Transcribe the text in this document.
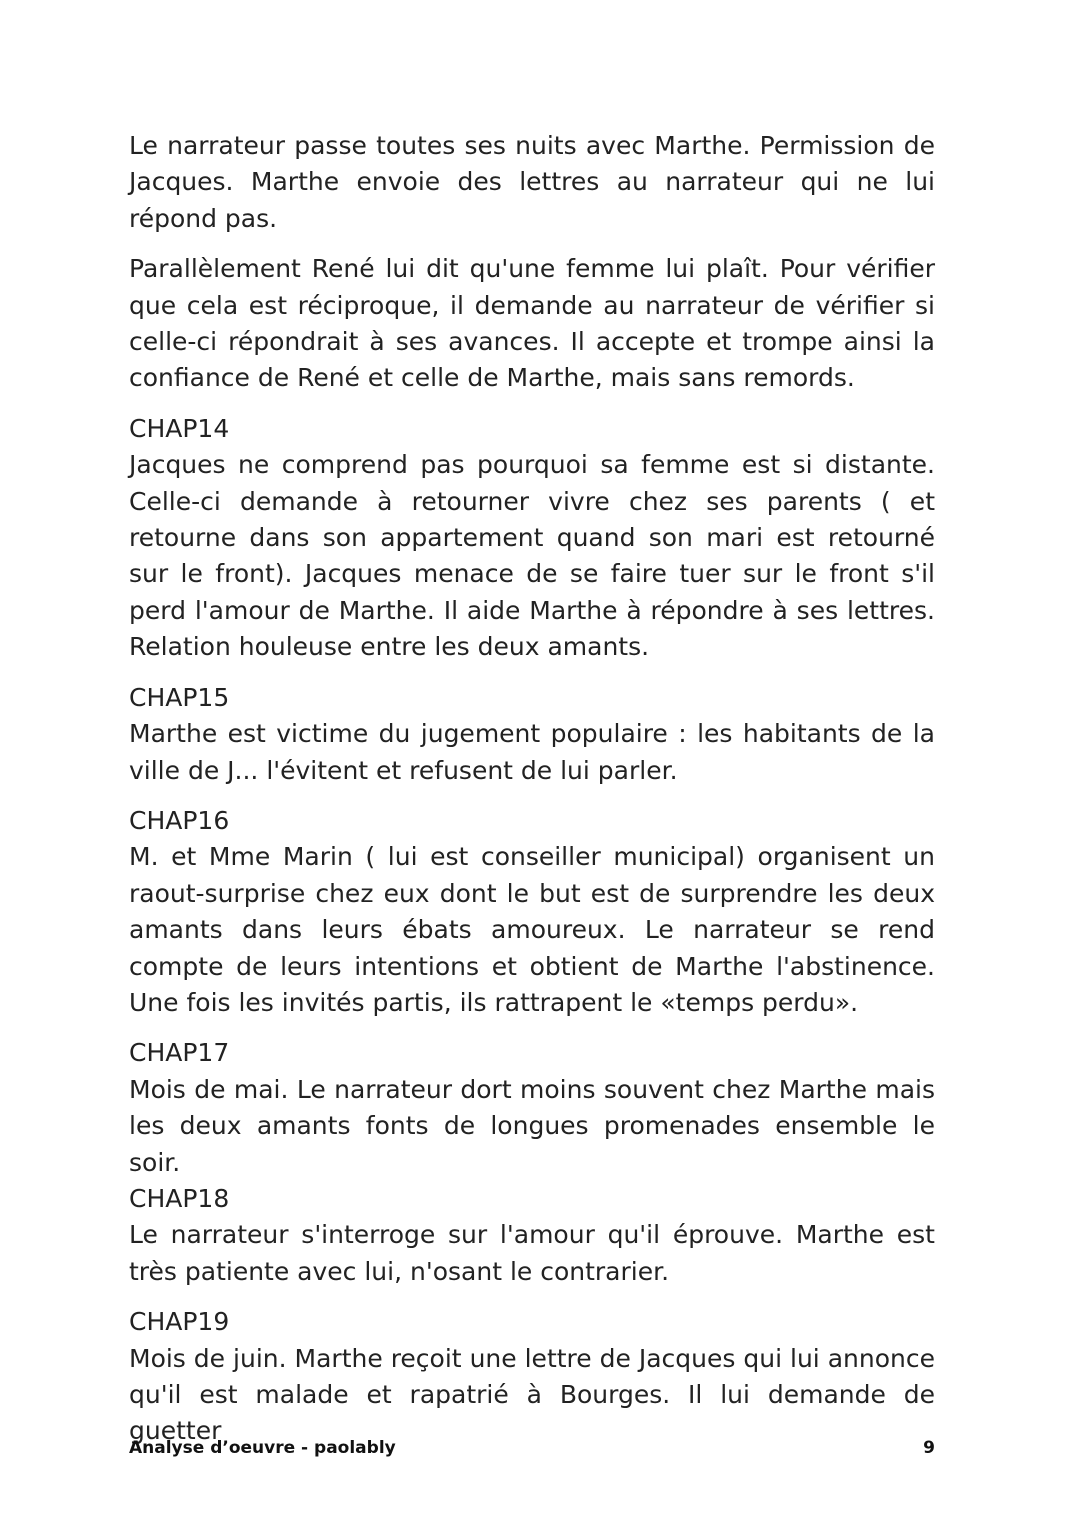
Le narrateur passe toutes ses nuits avec Marthe. Permission de Jacques. Marthe envoie des lettres au narrateur qui ne lui répond pas.

Parallèlement René lui dit qu'une femme lui plaît. Pour vérifier que cela est réciproque, il demande au narrateur de vérifier si celle-ci répondrait à ses avances. Il accepte et trompe ainsi la confiance de René et celle de Marthe, mais sans remords.

CHAP14

Jacques ne comprend pas pourquoi sa femme est si distante. Celle-ci demande à retourner vivre chez ses parents ( et retourne dans son appartement quand son mari est retourné sur le front). Jacques menace de se faire tuer sur le front s'il perd l'amour de Marthe. Il aide Marthe à répondre à ses lettres. Relation houleuse entre les deux amants.

CHAP15

Marthe est victime du jugement populaire : les habitants de la ville de J... l'évitent et refusent de lui parler.

CHAP16

M. et Mme Marin ( lui est conseiller municipal) organisent un raout-surprise chez eux dont le but est de surprendre les deux amants dans leurs ébats amoureux. Le narrateur se rend compte de leurs intentions et obtient de Marthe l'abstinence. Une fois les invités partis, ils rattrapent le «temps perdu».

CHAP17

Mois de mai. Le narrateur dort moins souvent chez Marthe mais les deux amants fonts de longues promenades ensemble le soir.

CHAP18

Le narrateur s'interroge sur l'amour qu'il éprouve. Marthe est très patiente avec lui, n'osant le contrarier.

CHAP19

Mois de juin. Marthe reçoit une lettre de Jacques qui lui annonce qu'il est malade et rapatrié à Bourges. Il lui demande de guetter

Analyse d’oeuvre - paolably	9
